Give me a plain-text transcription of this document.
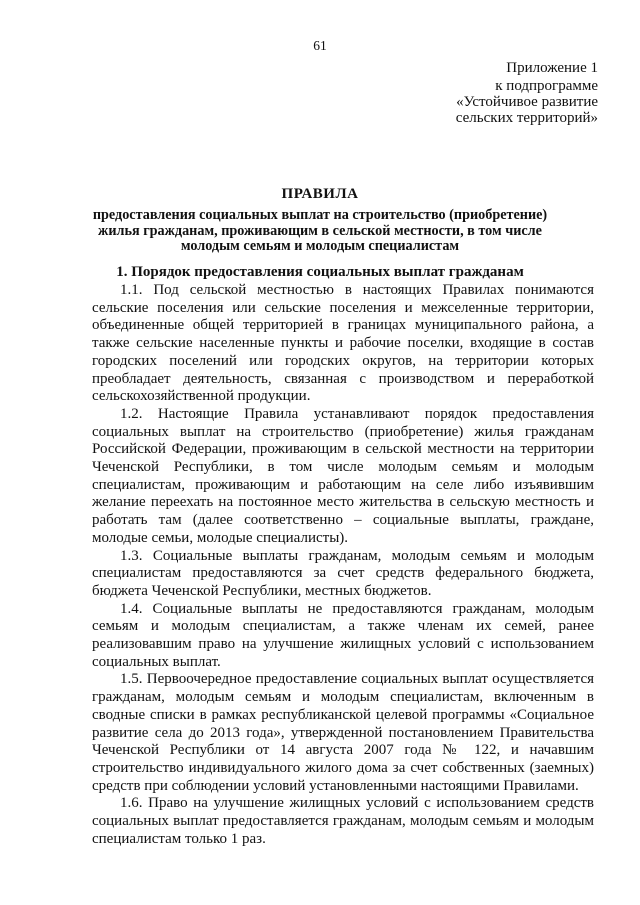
61
Приложение 1
к подпрограмме
«Устойчивое развитие
сельских территорий»
ПРАВИЛА
предоставления социальных выплат на строительство (приобретение)
жилья гражданам, проживающим в сельской местности, в том числе
молодым семьям и молодым специалистам
1. Порядок предоставления социальных выплат гражданам

1.1. Под сельской местностью в настоящих Правилах понимаются сельские поселения или сельские поселения и межселенные территории, объединенные общей территорией в границах муниципального района, а также сельские населенные пункты и рабочие поселки, входящие в состав городских поселений или городских округов, на территории которых преобладает деятельность, связанная с производством и переработкой сельскохозяйственной продукции.

1.2. Настоящие Правила устанавливают порядок предоставления социальных выплат на строительство (приобретение) жилья гражданам Российской Федерации, проживающим в сельской местности на территории Чеченской Республики, в том числе молодым семьям и молодым специалистам, проживающим и работающим на селе либо изъявившим желание переехать на постоянное место жительства в сельскую местность и работать там (далее соответственно – социальные выплаты, граждане, молодые семьи, молодые специалисты).

1.3. Социальные выплаты гражданам, молодым семьям и молодым специалистам предоставляются за счет средств федерального бюджета, бюджета Чеченской Республики, местных бюджетов.

1.4. Социальные выплаты не предоставляются гражданам, молодым семьям и молодым специалистам, а также членам их семей, ранее реализовавшим право на улучшение жилищных условий с использованием социальных выплат.

1.5. Первоочередное предоставление социальных выплат осуществляется гражданам, молодым семьям и молодым специалистам, включенным в сводные списки в рамках республиканской целевой программы «Социальное развитие села до 2013 года», утвержденной постановлением Правительства Чеченской Республики от 14 августа 2007 года № 122, и начавшим строительство индивидуального жилого дома за счет собственных (заемных) средств при соблюдении условий установленными настоящими Правилами.

1.6. Право на улучшение жилищных условий с использованием средств социальных выплат предоставляется гражданам, молодым семьям и молодым специалистам только 1 раз.
